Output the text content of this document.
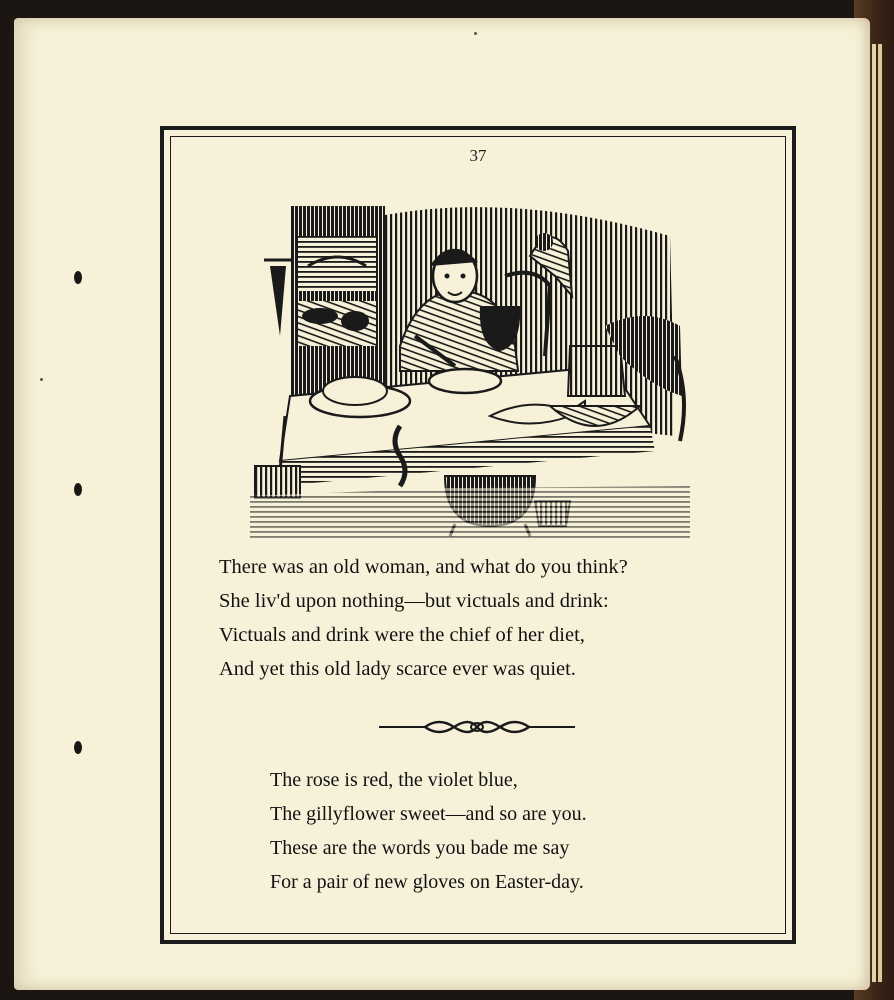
37

There was an old woman, and what do you think?
She liv'd upon nothing—but victuals and drink:
Victuals and drink were the chief of her diet,
And yet this old lady scarce ever was quiet.

The rose is red, the violet blue,
The gillyflower sweet—and so are you.
These are the words you bade me say
For a pair of new gloves on Easter-day.
